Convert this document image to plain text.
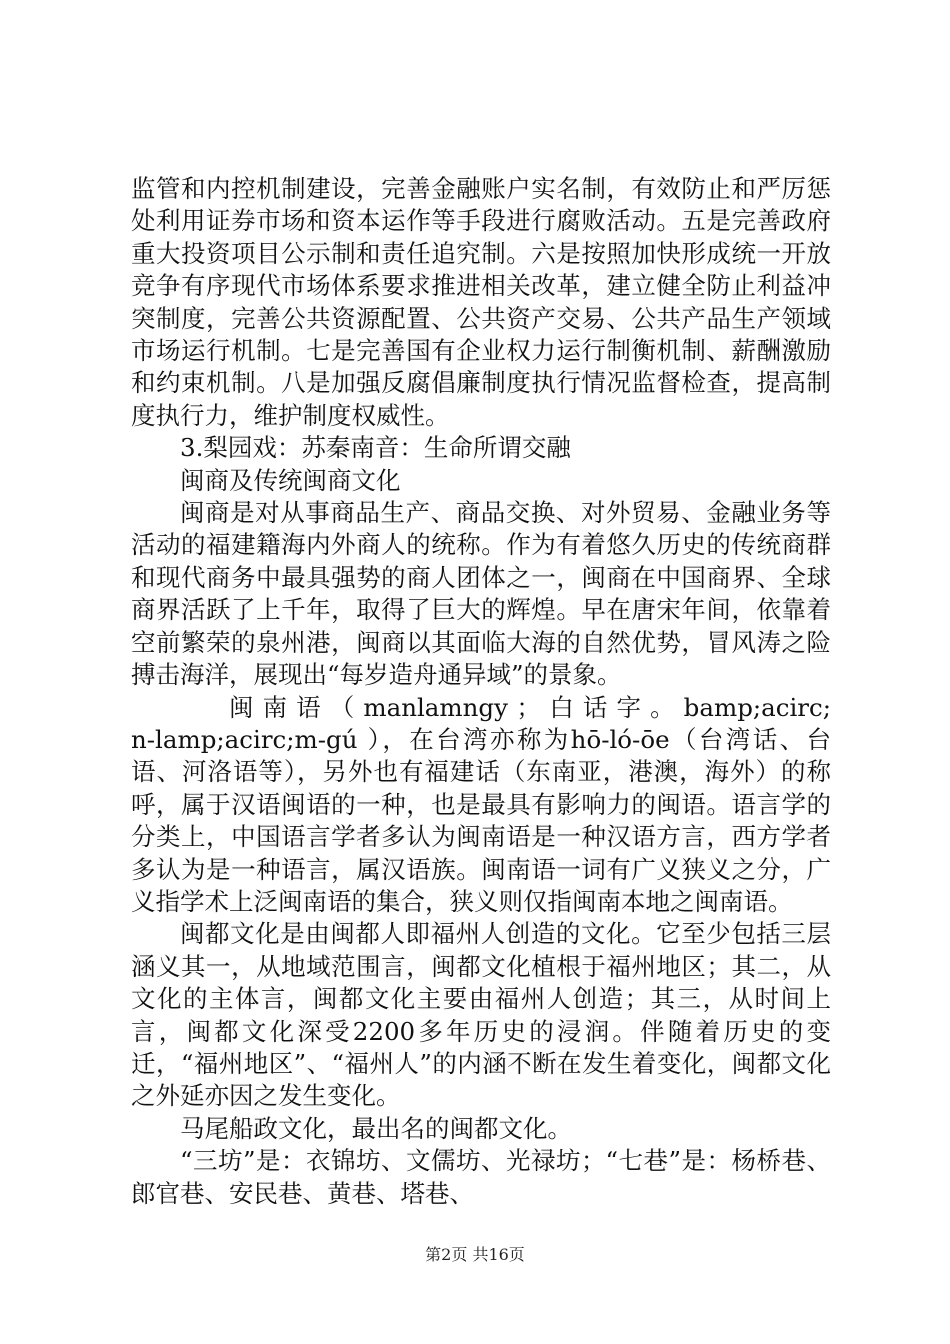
监管和内控机制建设，完善金融账户实名制，有效防止和严厉惩处利用证券市场和资本运作等手段进行腐败活动。五是完善政府重大投资项目公示制和责任追究制。六是按照加快形成统一开放竞争有序现代市场体系要求推进相关改革，建立健全防止利益冲突制度，完善公共资源配置、公共资产交易、公共产品生产领域市场运行机制。七是完善国有企业权力运行制衡机制、薪酬激励和约束机制。八是加强反腐倡廉制度执行情况监督检查，提高制度执行力，维护制度权威性。

3.梨园戏：苏秦南音：生命所谓交融

闽商及传统闽商文化

闽商是对从事商品生产、商品交换、对外贸易、金融业务等活动的福建籍海内外商人的统称。作为有着悠久历史的传统商群和现代商务中最具强势的商人团体之一，闽商在中国商界、全球商界活跃了上千年，取得了巨大的辉煌。早在唐宋年间，依靠着空前繁荣的泉州港，闽商以其面临大海的自然优势，冒风涛之险搏击海洋，展现出“每岁造舟通异域”的景象。

闽 南 语 （ manlamngy ； 白 话 字 。 bamp;acirc;n-lamp;acirc;m-gú ），在台湾亦称为hō-ló-ōe（台湾话、台语、河洛语等），另外也有福建话（东南亚，港澳，海外）的称呼，属于汉语闽语的一种，也是最具有影响力的闽语。语言学的分类上，中国语言学者多认为闽南语是一种汉语方言，西方学者多认为是一种语言，属汉语族。闽南语一词有广义狭义之分，广义指学术上泛闽南语的集合，狭义则仅指闽南本地之闽南语。

闽都文化是由闽都人即福州人创造的文化。它至少包括三层涵义其一，从地域范围言，闽都文化植根于福州地区；其二，从文化的主体言，闽都文化主要由福州人创造；其三，从时间上言，闽都文化深受2200多年历史的浸润。伴随着历史的变迁，“福州地区”、“福州人”的内涵不断在发生着变化，闽都文化之外延亦因之发生变化。

马尾船政文化，最出名的闽都文化。

“三坊”是：衣锦坊、文儒坊、光禄坊；“七巷”是：杨桥巷、郎官巷、安民巷、黄巷、塔巷、

第2页 共16页
